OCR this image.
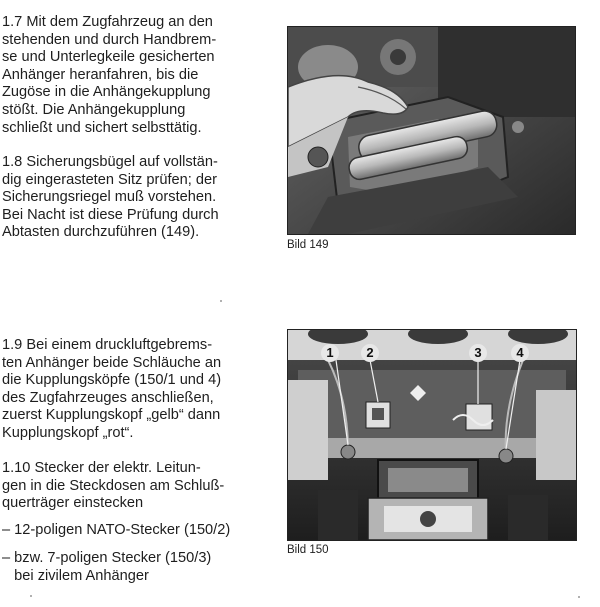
1.7 Mit dem Zugfahrzeug an den
stehenden und durch Handbrem-
se und Unterlegkeile gesicherten
Anhänger heranfahren, bis die
Zugöse in die Anhängekupplung
stößt. Die Anhängekupplung
schließt und sichert selbsttätig.
1.8 Sicherungsbügel auf vollstän-
dig eingerasteten Sitz prüfen; der
Sicherungsriegel muß vorstehen.
Bei Nacht ist diese Prüfung durch
Abtasten durchzuführen (149).
Bild 149
1.9 Bei einem druckluftgebrems-
ten Anhänger beide Schläuche an
die Kupplungsköpfe (150/1 und 4)
des Zugfahrzeuges anschließen,
zuerst Kupplungskopf „gelb“ dann
Kupplungskopf „rot“.
1.10 Stecker der elektr. Leitun-
gen in die Steckdosen am Schluß-
querträger einstecken
– 12-poligen NATO-Stecker (150/2)
– bzw. 7-poligen Stecker (150/3)
bei zivilem Anhänger
1	2	3	4
Bild 150
